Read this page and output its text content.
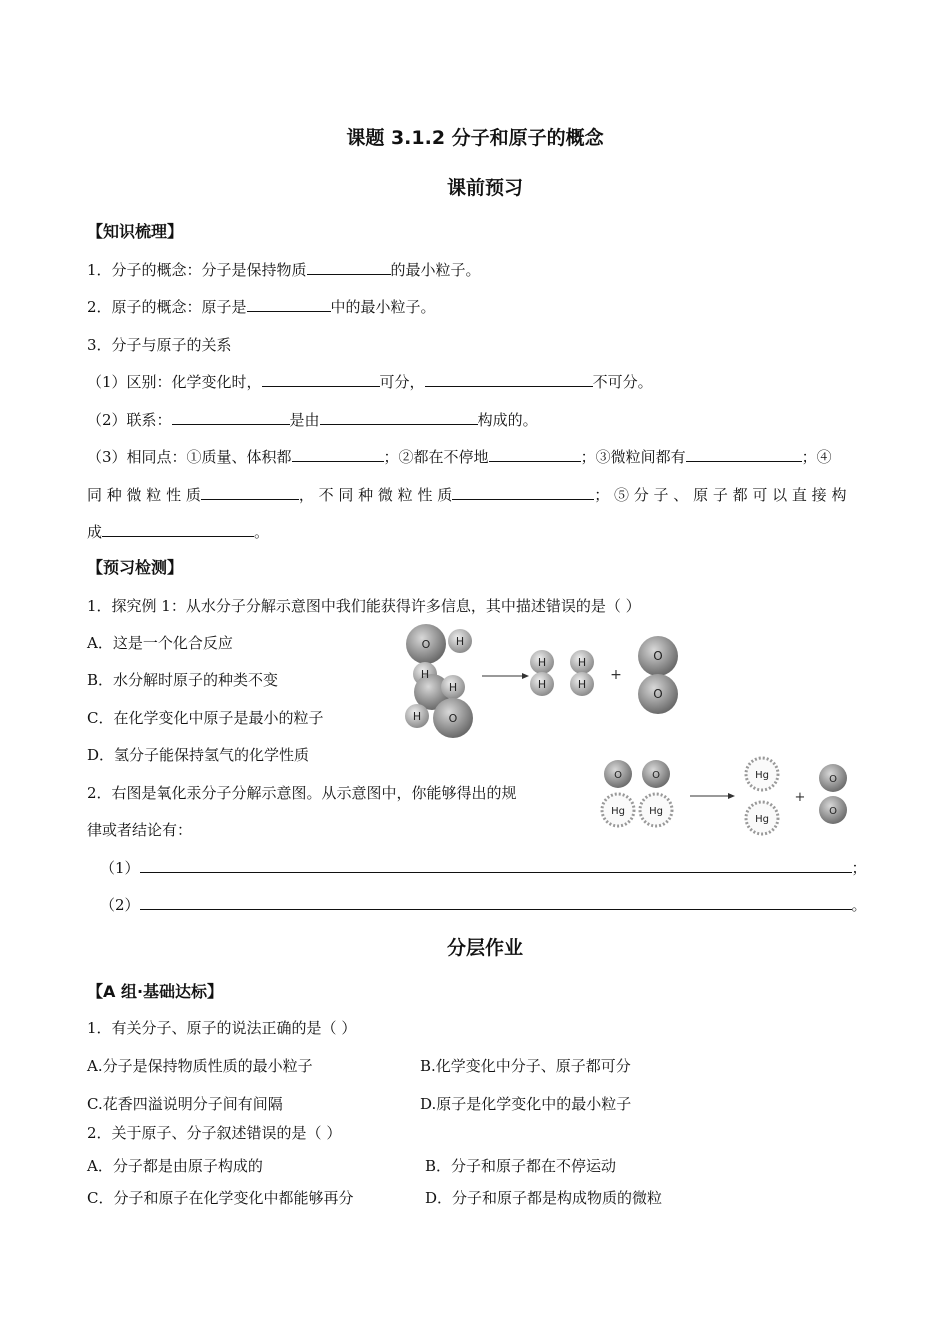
课题 3.1.2 分子和原子的概念
课前预习
【知识梳理】
1．分子的概念：分子是保持物质	的最小粒子。
2．原子的概念：原子是	中的最小粒子。
3．分子与原子的关系
（1）区别：化学变化时，	可分，	不可分。
（2）联系：	是由	构成的。
（3）相同点：①质量、体积都	；②都在不停地	；③微粒间都有	；④
同 种 微 粒 性 质	， 不 同 种 微 粒 性 质	； ⑤ 分 子 、 原 子 都 可 以 直 接 构
成	。
【预习检测】
1．探究例 1：从水分子分解示意图中我们能获得许多信息，其中描述错误的是（ ）
A．这是一个化合反应
B．水分解时原子的种类不变
C．在化学变化中原子是最小的粒子
D．氢分子能保持氢气的化学性质
O H
H
H
H	O
H
H
H
H
+
O
O
2．右图是氧化汞分子分解示意图。从示意图中，你能够得出的规
律或者结论有：
+
O	O
Hg Hg
Hg
Hg
O
O
（1）	；
（2）	。
分层作业
【A 组·基础达标】
1．有关分子、原子的说法正确的是（ ）
A.分子是保持物质性质的最小粒子	B.化学变化中分子、原子都可分
C.花香四溢说明分子间有间隔	D.原子是化学变化中的最小粒子
2．关于原子、分子叙述错误的是（ ）
A．分子都是由原子构成的	B．分子和原子都在不停运动
C．分子和原子在化学变化中都能够再分	D．分子和原子都是构成物质的微粒
